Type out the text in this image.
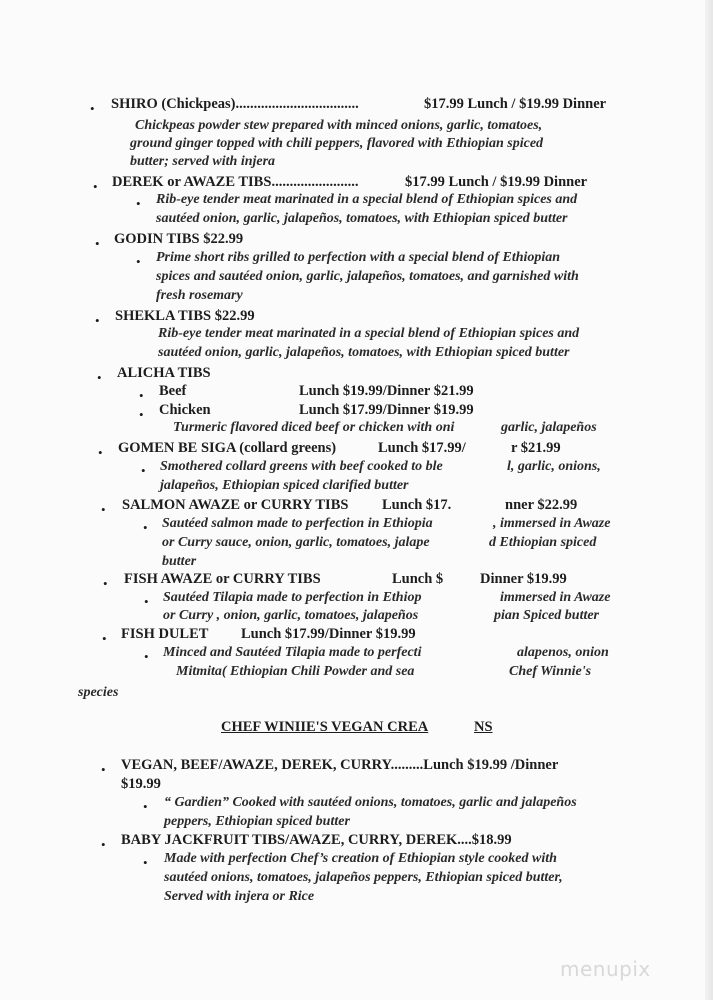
• SHIRO (Chickpeas)..................................	$17.99 Lunch / $19.99 Dinner
Chickpeas powder stew prepared with minced onions, garlic, tomatoes,
ground ginger topped with chili peppers, flavored with Ethiopian spiced
butter; served with injera
• DEREK or AWAZE TIBS........................	$17.99 Lunch / $19.99 Dinner
• Rib-eye tender meat marinated in a special blend of Ethiopian spices and
sautéed onion, garlic, jalapeños, tomatoes, with Ethiopian spiced butter
• GODIN TIBS $22.99
• Prime short ribs grilled to perfection with a special blend of Ethiopian
spices and sautéed onion, garlic, jalapeños, tomatoes, and garnished with
fresh rosemary
• SHEKLA TIBS $22.99
Rib-eye tender meat marinated in a special blend of Ethiopian spices and
sautéed onion, garlic, jalapeños, tomatoes, with Ethiopian spiced butter
• ALICHA TIBS
• Beef	Lunch $19.99/Dinner $21.99
• Chicken	Lunch $17.99/Dinner $19.99
Turmeric flavored diced beef or chicken with oni	garlic, jalapeños
• GOMEN BE SIGA (collard greens)	Lunch $17.99/	r $21.99
• Smothered collard greens with beef cooked to ble	l, garlic, onions,
jalapeños, Ethiopian spiced clarified butter
• SALMON AWAZE or CURRY TIBS Lunch $17.	nner $22.99
• Sautéed salmon made to perfection in Ethiopia	, immersed in Awaze
or Curry sauce, onion, garlic, tomatoes, jalape	d Ethiopian spiced
butter
• FISH AWAZE or CURRY TIBS	Lunch $	Dinner $19.99
• Sautéed Tilapia made to perfection in Ethiop	immersed in Awaze
or Curry , onion, garlic, tomatoes, jalapeños	pian Spiced butter
• FISH DULET Lunch $17.99/Dinner $19.99
• Minced and Sautéed Tilapia made to perfecti	alapenos, onion
Mitmita( Ethiopian Chili Powder and sea	Chef Winnie's
species
CHEF WINIIE'S VEGAN CREA	NS
• VEGAN, BEEF/AWAZE, DEREK, CURRY.........Lunch $19.99 /Dinner
$19.99
• “ Gardien” Cooked with sautéed onions, tomatoes, garlic and jalapeños
peppers, Ethiopian spiced butter
• BABY JACKFRUIT TIBS/AWAZE, CURRY, DEREK....$18.99
• Made with perfection Chef’s creation of Ethiopian style cooked with
sautéed onions, tomatoes, jalapeños peppers, Ethiopian spiced butter,
Served with injera or Rice
menupix
